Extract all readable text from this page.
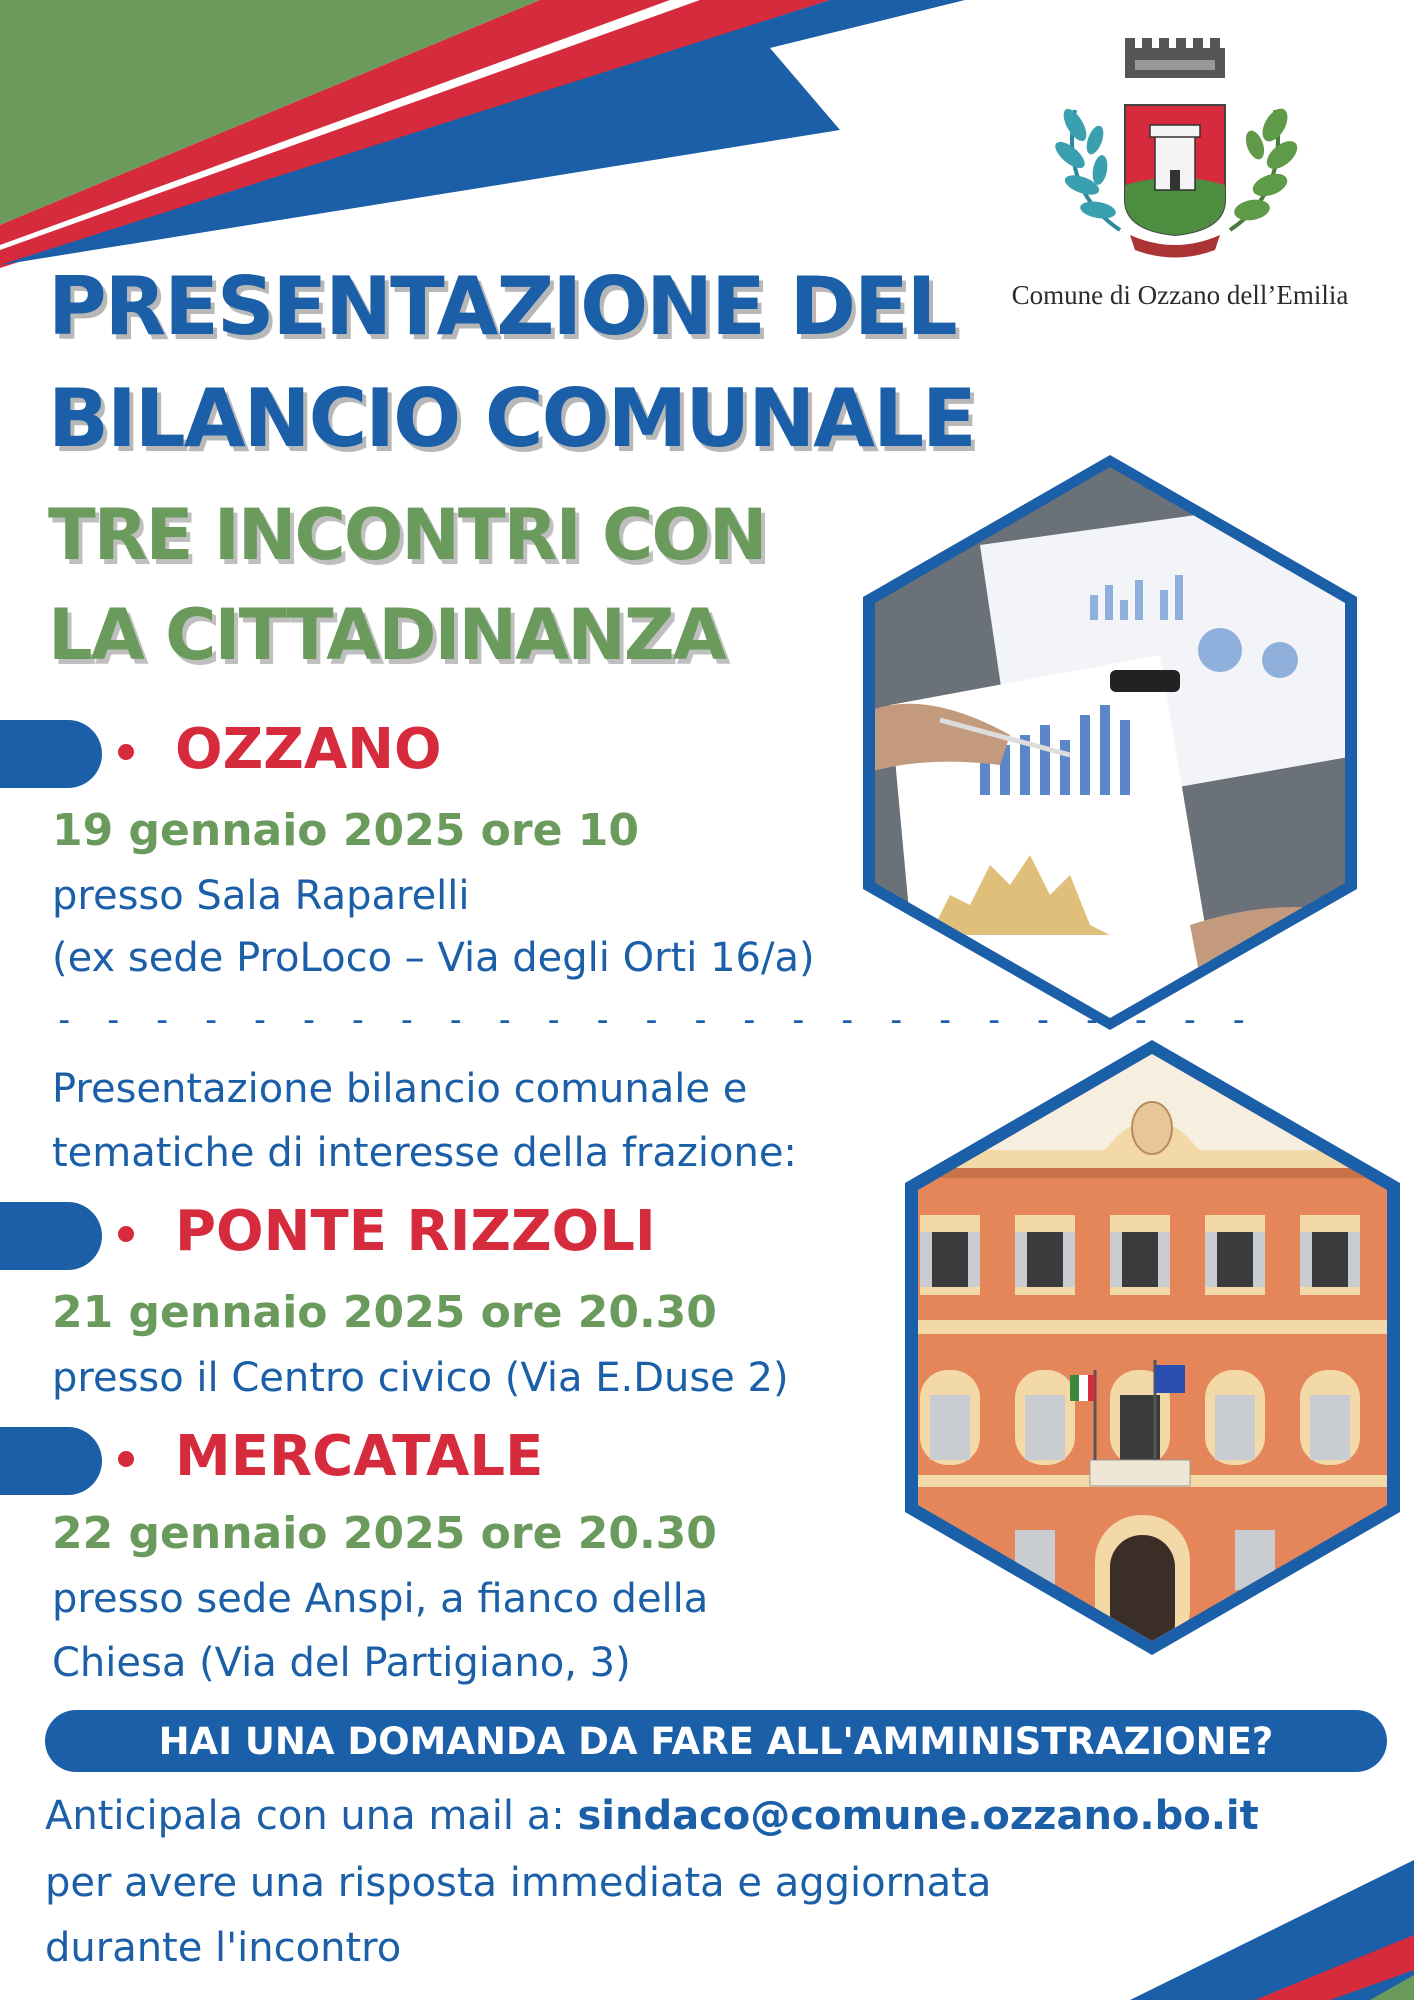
Comune di Ozzano dell’Emilia
PRESENTAZIONE DEL
BILANCIO COMUNALE
TRE INCONTRI CON
LA CITTADINANZA

OZZANO

19 gennaio 2025 ore 10

presso Sala Raparelli

(ex sede ProLoco – Via degli Orti 16/a)

- - - - - - - - - - - - - - - - - - - - - - - - -

Presentazione bilancio comunale e

tematiche di interesse della frazione:

PONTE RIZZOLI

21 gennaio 2025 ore 20.30

presso il Centro civico (Via E.Duse 2)

MERCATALE

22 gennaio 2025 ore 20.30

presso sede Anspi, a fianco della

Chiesa (Via del Partigiano, 3)

HAI UNA DOMANDA DA FARE ALL'AMMINISTRAZIONE?
Anticipala con una mail a: sindaco@comune.ozzano.bo.it

per avere una risposta immediata e aggiornata

durante l'incontro
